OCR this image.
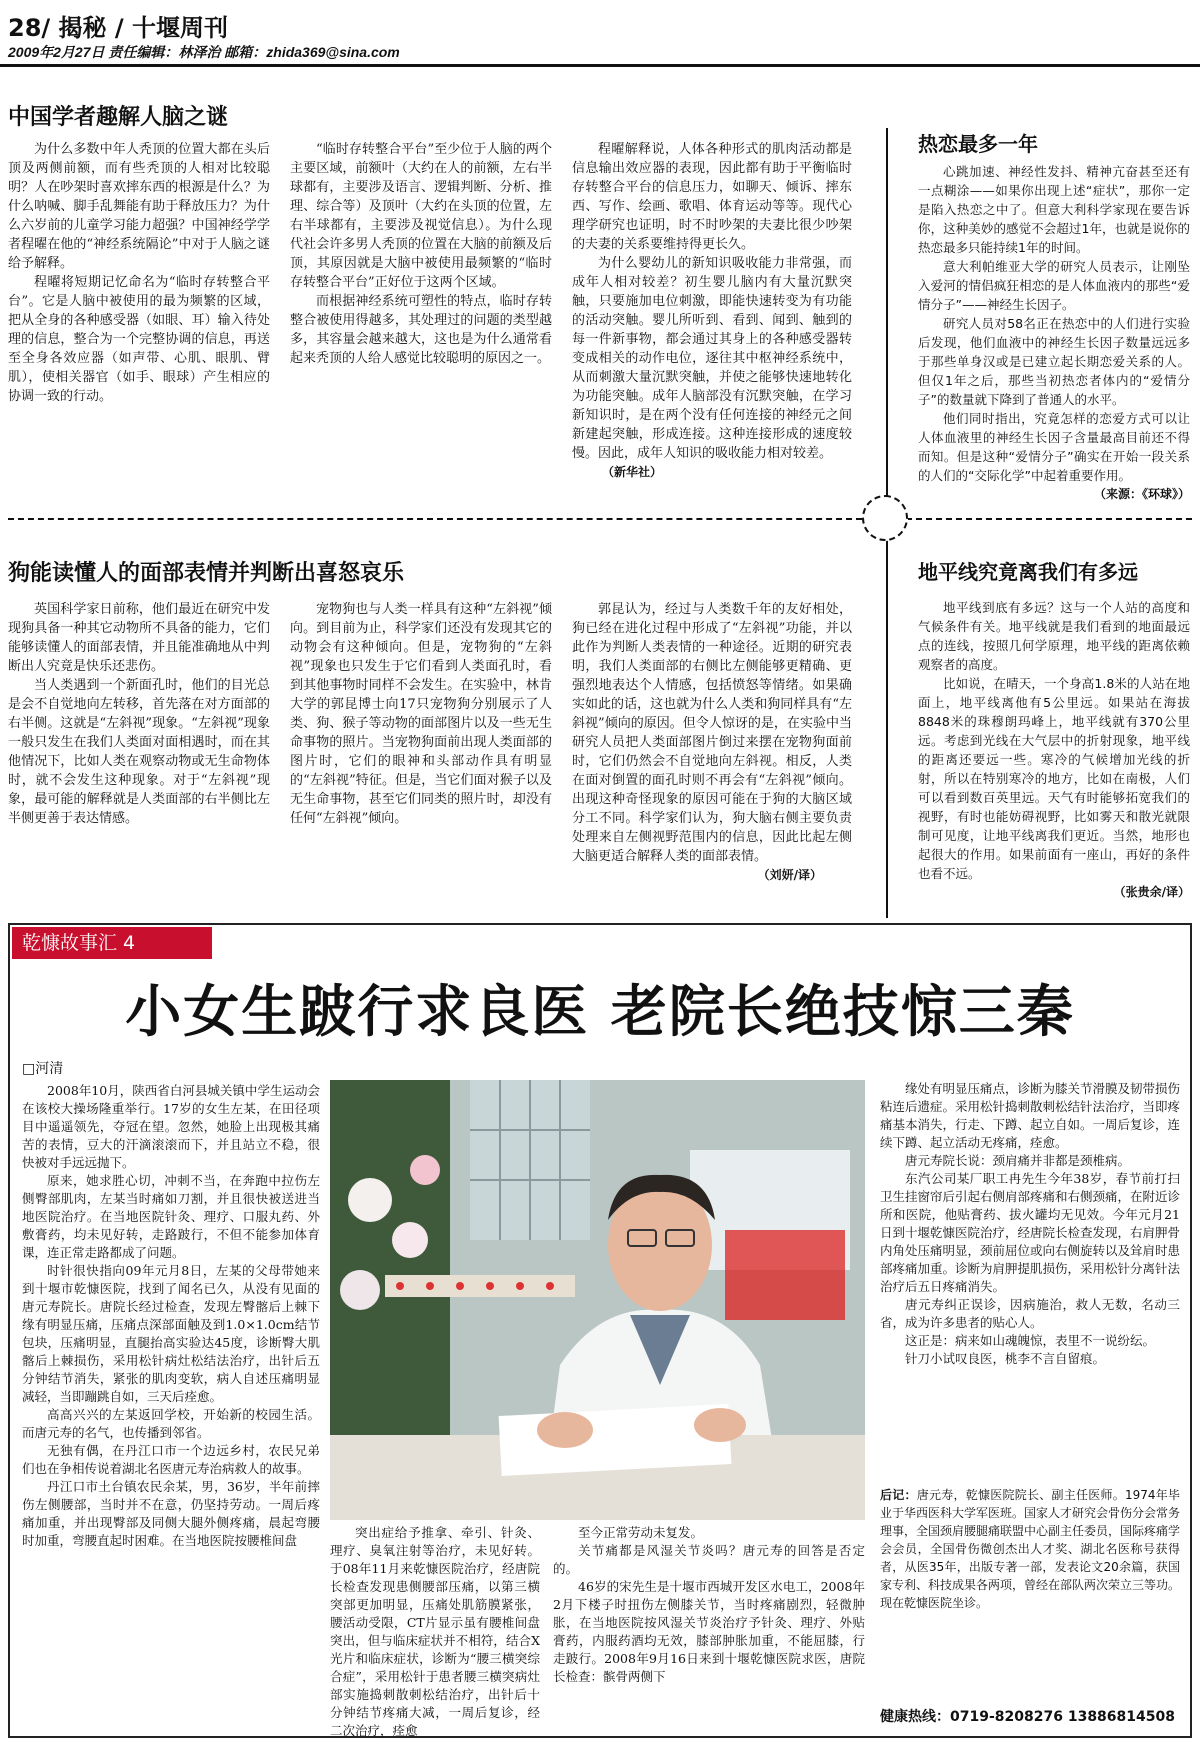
28/ 揭秘 / 十堰周刊
2009年2月27日 责任编辑：林泽治 邮箱：zhida369@sina.com
中国学者趣解人脑之谜

为什么多数中年人秃顶的位置大都在头后顶及两侧前额，而有些秃顶的人相对比较聪明？人在吵架时喜欢摔东西的根源是什么？为什么呐喊、脚手乱舞能有助于释放压力？为什么六岁前的儿童学习能力超强？中国神经学学者程曜在他的“神经系统隔论”中对于人脑之谜给予解释。

程曜将短期记忆命名为“临时存转整合平台”。它是人脑中被使用的最为频繁的区域，把从全身的各种感受器（如眼、耳）输入待处理的信息，整合为一个完整协调的信息，再送至全身各效应器（如声带、心肌、眼肌、臂肌），使相关器官（如手、眼球）产生相应的协调一致的行动。

“临时存转整合平台”至少位于人脑的两个主要区域，前额叶（大约在人的前额，左右半球都有，主要涉及语言、逻辑判断、分析、推理、综合等）及顶叶（大约在头顶的位置，左右半球都有，主要涉及视觉信息）。为什么现代社会许多男人秃顶的位置在大脑的前额及后顶，其原因就是大脑中被使用最频繁的“临时存转整合平台”正好位于这两个区域。

而根据神经系统可塑性的特点，临时存转整合被使用得越多，其处理过的问题的类型越多，其容量会越来越大，这也是为什么通常看起来秃顶的人给人感觉比较聪明的原因之一。

程曜解释说，人体各种形式的肌肉活动都是信息输出效应器的表现，因此都有助于平衡临时存转整合平台的信息压力，如聊天、倾诉、摔东西、写作、绘画、歌唱、体育运动等等。现代心理学研究也证明，时不时吵架的夫妻比很少吵架的夫妻的关系要维持得更长久。

为什么婴幼儿的新知识吸收能力非常强，而成年人相对较差？初生婴儿脑内有大量沉默突触，只要施加电位刺激，即能快速转变为有功能的活动突触。婴儿所听到、看到、闻到、触到的每一件新事物，都会通过其身上的各种感受器转变成相关的动作电位，逐往其中枢神经系统中，从而刺激大量沉默突触，并使之能够快速地转化为功能突触。成年人脑部没有沉默突触，在学习新知识时，是在两个没有任何连接的神经元之间新建起突触，形成连接。这种连接形成的速度较慢。因此，成年人知识的吸收能力相对较差。

（新华社）
热恋最多一年

心跳加速、神经性发抖、精神亢奋甚至还有一点糊涂——如果你出现上述“症状”，那你一定是陷入热恋之中了。但意大利科学家现在要告诉你，这种美妙的感觉不会超过1年，也就是说你的热恋最多只能持续1年的时间。

意大利帕维亚大学的研究人员表示，让刚坠入爱河的情侣疯狂相恋的是人体血液内的那些“爱情分子”——神经生长因子。

研究人员对58名正在热恋中的人们进行实验后发现，他们血液中的神经生长因子数量远远多于那些单身汉或是已建立起长期恋爱关系的人。但仅1年之后，那些当初热恋者体内的“爱情分子”的数量就下降到了普通人的水平。

他们同时指出，究竟怎样的恋爱方式可以让人体血液里的神经生长因子含量最高目前还不得而知。但是这种“爱情分子”确实在开始一段关系的人们的“交际化学”中起着重要作用。

（来源：《环球》）
狗能读懂人的面部表情并判断出喜怒哀乐

英国科学家日前称，他们最近在研究中发现狗具备一种其它动物所不具备的能力，它们能够读懂人的面部表情，并且能准确地从中判断出人究竟是快乐还悲伤。

当人类遇到一个新面孔时，他们的目光总是会不自觉地向左转移，首先落在对方面部的右半侧。这就是“左斜视”现象。“左斜视”现象一般只发生在我们人类面对面相遇时，而在其他情况下，比如人类在观察动物或无生命物体时，就不会发生这种现象。对于“左斜视”现象，最可能的解释就是人类面部的右半侧比左半侧更善于表达情感。

宠物狗也与人类一样具有这种“左斜视”倾向。到目前为止，科学家们还没有发现其它的动物会有这种倾向。但是，宠物狗的“左斜视”现象也只发生于它们看到人类面孔时，看到其他事物时同样不会发生。在实验中，林肯大学的郭昆博士向17只宠物狗分别展示了人类、狗、猴子等动物的面部图片以及一些无生命事物的照片。当宠物狗面前出现人类面部的图片时，它们的眼神和头部动作具有明显的“左斜视”特征。但是，当它们面对猴子以及无生命事物，甚至它们同类的照片时，却没有任何“左斜视”倾向。

郭昆认为，经过与人类数千年的友好相处，狗已经在进化过程中形成了“左斜视”功能，并以此作为判断人类表情的一种途径。近期的研究表明，我们人类面部的右侧比左侧能够更精确、更强烈地表达个人情感，包括愤怒等情绪。如果确实如此的话，这也就为什么人类和狗同样具有“左斜视”倾向的原因。但令人惊讶的是，在实验中当研究人员把人类面部图片倒过来摆在宠物狗面前时，它们仍然会不自觉地向左斜视。相反，人类在面对倒置的面孔时则不再会有“左斜视”倾向。出现这种奇怪现象的原因可能在于狗的大脑区域分工不同。科学家们认为，狗大脑右侧主要负责处理来自左侧视野范围内的信息，因此比起左侧大脑更适合解释人类的面部表情。

（刘妍/译）
地平线究竟离我们有多远

地平线到底有多远？这与一个人站的高度和气候条件有关。地平线就是我们看到的地面最远点的连线，按照几何学原理，地平线的距离依赖观察者的高度。

比如说，在晴天，一个身高1.8米的人站在地面上，地平线离他有5公里远。如果站在海拔8848米的珠穆朗玛峰上，地平线就有370公里远。考虑到光线在大气层中的折射现象，地平线的距离还要远一些。寒冷的气候增加光线的折射，所以在特别寒冷的地方，比如在南极，人们可以看到数百英里远。天气有时能够拓宽我们的视野，有时也能妨碍视野，比如雾天和散光就限制可见度，让地平线离我们更近。当然，地形也起很大的作用。如果前面有一座山，再好的条件也看不远。

（张贵余/译）
乾慷故事汇 4
小女生跛行求良医 老院长绝技惊三秦
□河清

2008年10月，陕西省白河县城关镇中学生运动会在该校大操场隆重举行。17岁的女生左某，在田径项目中遥遥领先，夺冠在望。忽然，她脸上出现极其痛苦的表情，豆大的汗滴滚滚而下，并且站立不稳，很快被对手远远抛下。

原来，她求胜心切，冲刺不当，在奔跑中拉伤左侧臀部肌肉，左某当时痛如刀割，并且很快被送进当地医院治疗。在当地医院针灸、理疗、口服丸药、外敷膏药，均未见好转，走路跛行，不但不能参加体育课，连正常走路都成了问题。

时针很快指向09年元月8日，左某的父母带她来到十堰市乾慷医院，找到了闻名已久，从没有见面的唐元寿院长。唐院长经过检查，发现左臀髂后上棘下缘有明显压痛，压痛点深部面触及到1.0×1.0cm结节包块，压痛明显，直腿抬高实验达45度，诊断臀大肌髂后上棘损伤，采用松针病灶松结法治疗，出针后五分钟结节消失，紧张的肌肉变软，病人自述压痛明显减轻，当即蹦跳自如，三天后痊愈。

高高兴兴的左某返回学校，开始新的校园生活。而唐元寿的名气，也传播到邻省。

无独有偶，在丹江口市一个边远乡村，农民兄弟们也在争相传说着湖北名医唐元寿治病救人的故事。

丹江口市土台镇农民余某，男，36岁，半年前摔伤左侧腰部，当时并不在意，仍坚持劳动。一周后疼痛加重，并出现臀部及同侧大腿外侧疼痛，晨起弯腰时加重，弯腰直起时困难。在当地医院按腰椎间盘

突出症给予推拿、牵引、针灸、理疗、臭氧注射等治疗，未见好转。于08年11月来乾慷医院治疗，经唐院长检查发现患侧腰部压痛，以第三横突部更加明显，压痛处肌筋膜紧张，腰活动受限，CT片显示虽有腰椎间盘突出，但与临床症状并不相符，结合X光片和临床症状，诊断为“腰三横突综合症”，采用松针于患者腰三横突病灶部实施捣刺散刺松结治疗，出针后十分钟结节疼痛大减，一周后复诊，经二次治疗，痊愈

至今正常劳动未复发。

关节痛都是风湿关节炎吗？唐元寿的回答是否定的。

46岁的宋先生是十堰市西城开发区水电工，2008年2月下楼子时扭伤左侧膝关节，当时疼痛剧烈，轻微肿胀，在当地医院按风湿关节炎治疗予针灸、理疗、外贴膏药，内服药酒均无效，膝部肿胀加重，不能屈膝，行走跛行。2008年9月16日来到十堰乾慷医院求医，唐院长检查：髌骨两侧下

缘处有明显压痛点，诊断为膝关节滑膜及韧带损伤粘连后遗症。采用松针捣刺散刺松结针法治疗，当即疼痛基本消失，行走、下蹲、起立自如。一周后复诊，连续下蹲、起立活动无疼痛，痊愈。

唐元寿院长说：颈肩痛并非都是颈椎病。

东汽公司某厂职工冉先生今年38岁，春节前打扫卫生挂窗帘后引起右侧肩部疼痛和右侧颈痛，在附近诊所和医院，他贴膏药、拔火罐均无见效。今年元月21日到十堰乾慷医院治疗，经唐院长检查发现，右肩胛骨内角处压痛明显，颈前屈位或向右侧旋转以及耸肩时患部疼痛加重。诊断为肩胛提肌损伤，采用松针分离针法治疗后五日疼痛消失。

唐元寿纠正误诊，因病施治，救人无数，名动三省，成为许多患者的贴心人。

这正是：病来如山魂魄惊，表里不一说纷纭。

针刀小试叹良医，桃李不言自留痕。

后记：唐元寿，乾慷医院院长、副主任医师。1974年毕业于华西医科大学军医班。国家人才研究会骨伤分会常务理事，全国颈肩腰腿痛联盟中心副主任委员，国际疼痛学会会员，全国骨伤微创杰出人才奖、湖北名医称号获得者，从医35年，出版专著一部，发表论文20余篇，获国家专利、科技成果各两项，曾经在部队两次荣立三等功。现在乾慷医院坐诊。
健康热线：0719-8208276 13886814508
